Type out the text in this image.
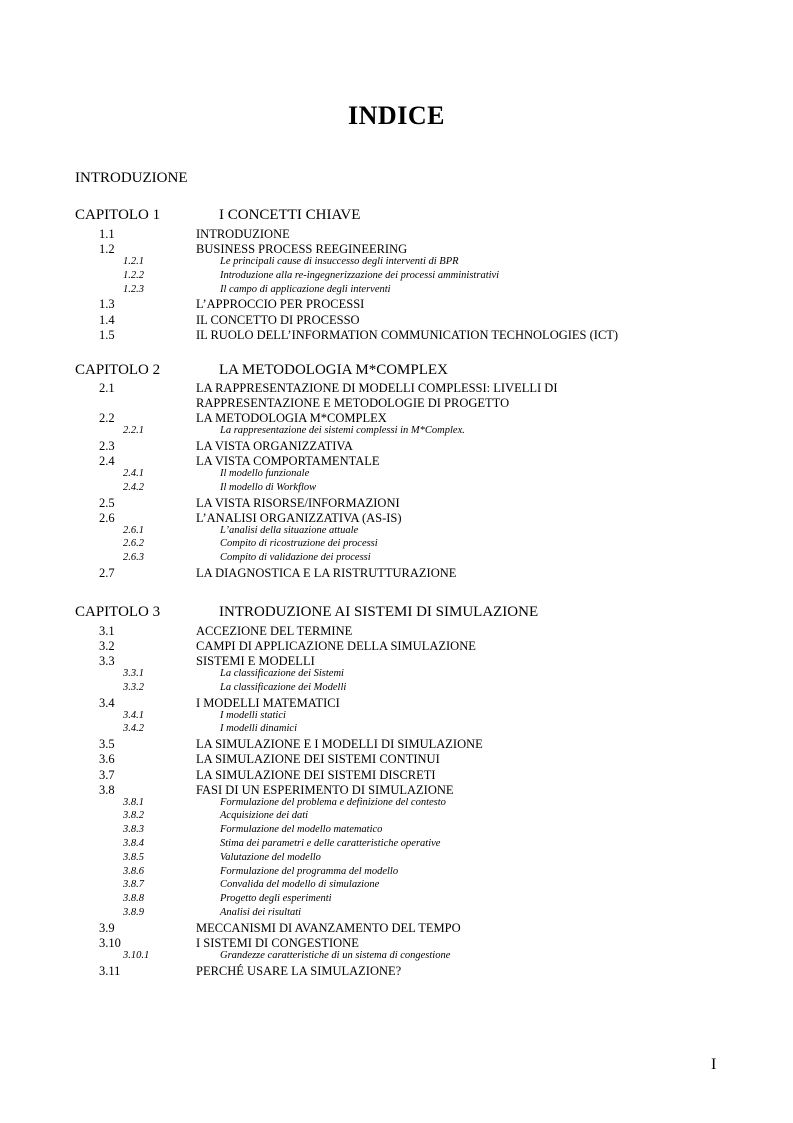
INDICE
INTRODUZIONE
CAPITOLO 1	I CONCETTI CHIAVE
1.1	INTRODUZIONE
1.2	BUSINESS PROCESS REEGINEERING
1.2.1	Le principali cause di insuccesso degli interventi di BPR
1.2.2	Introduzione alla re-ingegnerizzazione dei processi amministrativi
1.2.3	Il campo di applicazione degli interventi
1.3	L’APPROCCIO PER PROCESSI
1.4	IL CONCETTO DI PROCESSO
1.5	IL RUOLO DELL’INFORMATION COMMUNICATION TECHNOLOGIES (ICT)
CAPITOLO 2	LA METODOLOGIA M*COMPLEX
2.1	LA RAPPRESENTAZIONE DI MODELLI COMPLESSI: LIVELLI DI
RAPPRESENTAZIONE E METODOLOGIE DI PROGETTO
2.2	LA METODOLOGIA M*COMPLEX
2.2.1	La rappresentazione dei sistemi complessi in M*Complex.
2.3	LA VISTA ORGANIZZATIVA
2.4	LA VISTA COMPORTAMENTALE
2.4.1	Il modello funzionale
2.4.2	Il modello di Workflow
2.5	LA VISTA RISORSE/INFORMAZIONI
2.6	L’ANALISI ORGANIZZATIVA (AS-IS)
2.6.1	L’analisi della situazione attuale
2.6.2	Compito di ricostruzione dei processi
2.6.3	Compito di validazione dei processi
2.7	LA DIAGNOSTICA E LA RISTRUTTURAZIONE
CAPITOLO 3	INTRODUZIONE AI SISTEMI DI SIMULAZIONE
3.1	ACCEZIONE DEL TERMINE
3.2	CAMPI DI APPLICAZIONE DELLA SIMULAZIONE
3.3	SISTEMI E MODELLI
3.3.1	La classificazione dei Sistemi
3.3.2	La classificazione dei Modelli
3.4	I MODELLI MATEMATICI
3.4.1	I modelli statici
3.4.2	I modelli dinamici
3.5	LA SIMULAZIONE E I MODELLI DI SIMULAZIONE
3.6	LA SIMULAZIONE DEI SISTEMI CONTINUI
3.7	LA SIMULAZIONE DEI SISTEMI DISCRETI
3.8	FASI DI UN ESPERIMENTO DI SIMULAZIONE
3.8.1	Formulazione del problema e definizione del contesto
3.8.2	Acquisizione dei dati
3.8.3	Formulazione del modello matematico
3.8.4	Stima dei parametri e delle caratteristiche operative
3.8.5	Valutazione del modello
3.8.6	Formulazione del programma del modello
3.8.7	Convalida del modello di simulazione
3.8.8	Progetto degli esperimenti
3.8.9	Analisi dei risultati
3.9	MECCANISMI DI AVANZAMENTO DEL TEMPO
3.10	I SISTEMI DI CONGESTIONE
3.10.1	Grandezze caratteristiche di un sistema di congestione
3.11	PERCHÉ USARE LA SIMULAZIONE?
I
